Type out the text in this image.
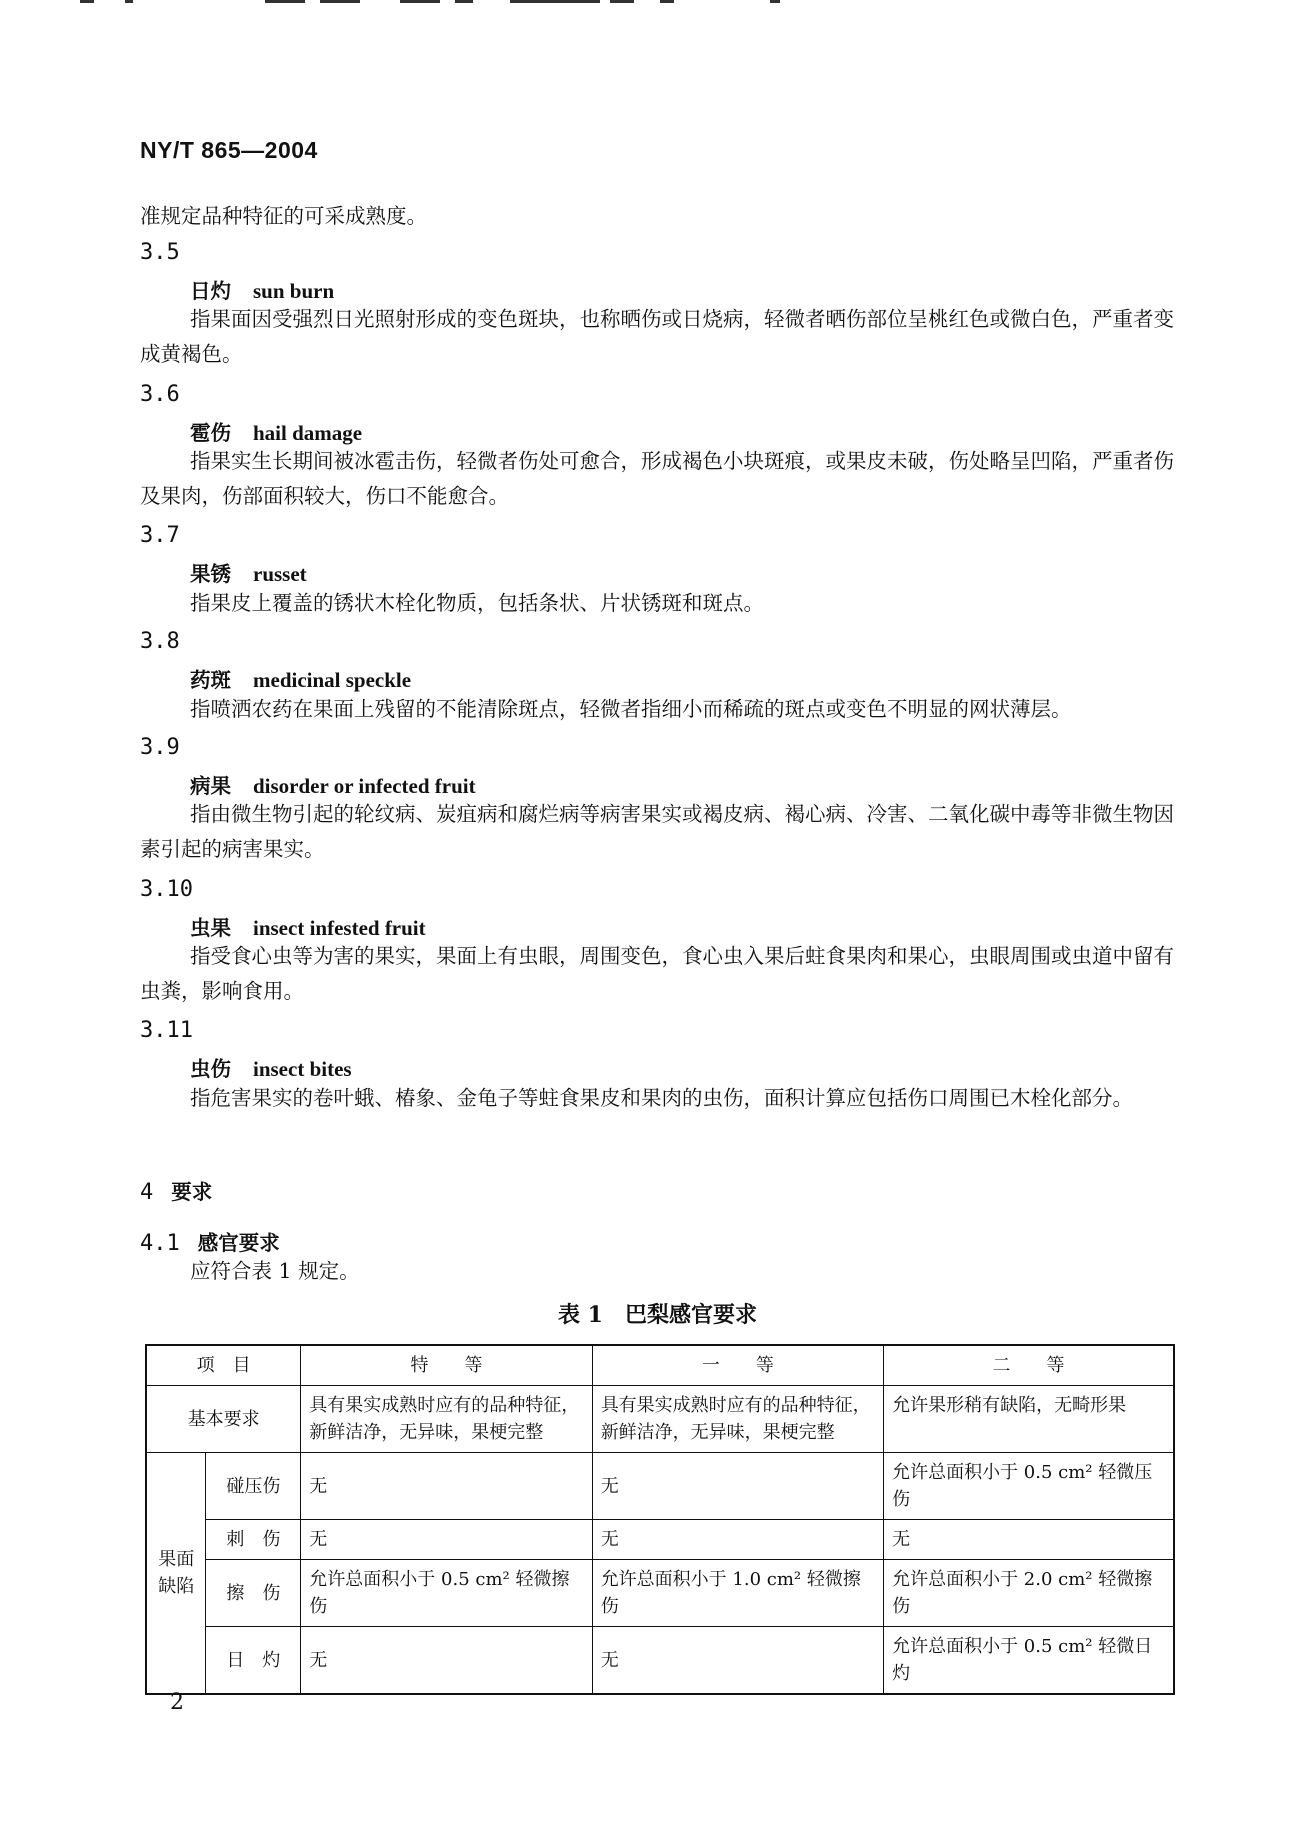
NY/T 865—2004
准规定品种特征的可采成熟度。
3.5
日灼 sun burn
指果面因受强烈日光照射形成的变色斑块，也称晒伤或日烧病，轻微者晒伤部位呈桃红色或微白色，严重者变成黄褐色。
3.6
雹伤 hail damage
指果实生长期间被冰雹击伤，轻微者伤处可愈合，形成褐色小块斑痕，或果皮未破，伤处略呈凹陷，严重者伤及果肉，伤部面积较大，伤口不能愈合。
3.7
果锈 russet
指果皮上覆盖的锈状木栓化物质，包括条状、片状锈斑和斑点。
3.8
药斑 medicinal speckle
指喷洒农药在果面上残留的不能清除斑点，轻微者指细小而稀疏的斑点或变色不明显的网状薄层。
3.9
病果 disorder or infected fruit
指由微生物引起的轮纹病、炭疽病和腐烂病等病害果实或褐皮病、褐心病、冷害、二氧化碳中毒等非微生物因素引起的病害果实。
3.10
虫果 insect infested fruit
指受食心虫等为害的果实，果面上有虫眼，周围变色，食心虫入果后蛀食果肉和果心，虫眼周围或虫道中留有虫粪，影响食用。
3.11
虫伤 insect bites
指危害果实的卷叶蛾、椿象、金龟子等蛀食果皮和果肉的虫伤，面积计算应包括伤口周围已木栓化部分。
4 要求
4.1 感官要求
应符合表 1 规定。
表 1　巴梨感官要求
项　目		特　　等	一　　等	二　　等
基本要求		具有果实成熟时应有的品种特征，新鲜洁净，无异味，果梗完整	具有果实成熟时应有的品种特征，新鲜洁净，无异味，果梗完整	允许果形稍有缺陷，无畸形果
果面缺陷	碰压伤	无	无	允许总面积小于 0.5 cm² 轻微压伤
	刺　伤	无	无	无
	擦　伤	允许总面积小于 0.5 cm² 轻微擦伤	允许总面积小于 1.0 cm² 轻微擦伤	允许总面积小于 2.0 cm² 轻微擦伤
	日　灼	无	无	允许总面积小于 0.5 cm² 轻微日灼
2
